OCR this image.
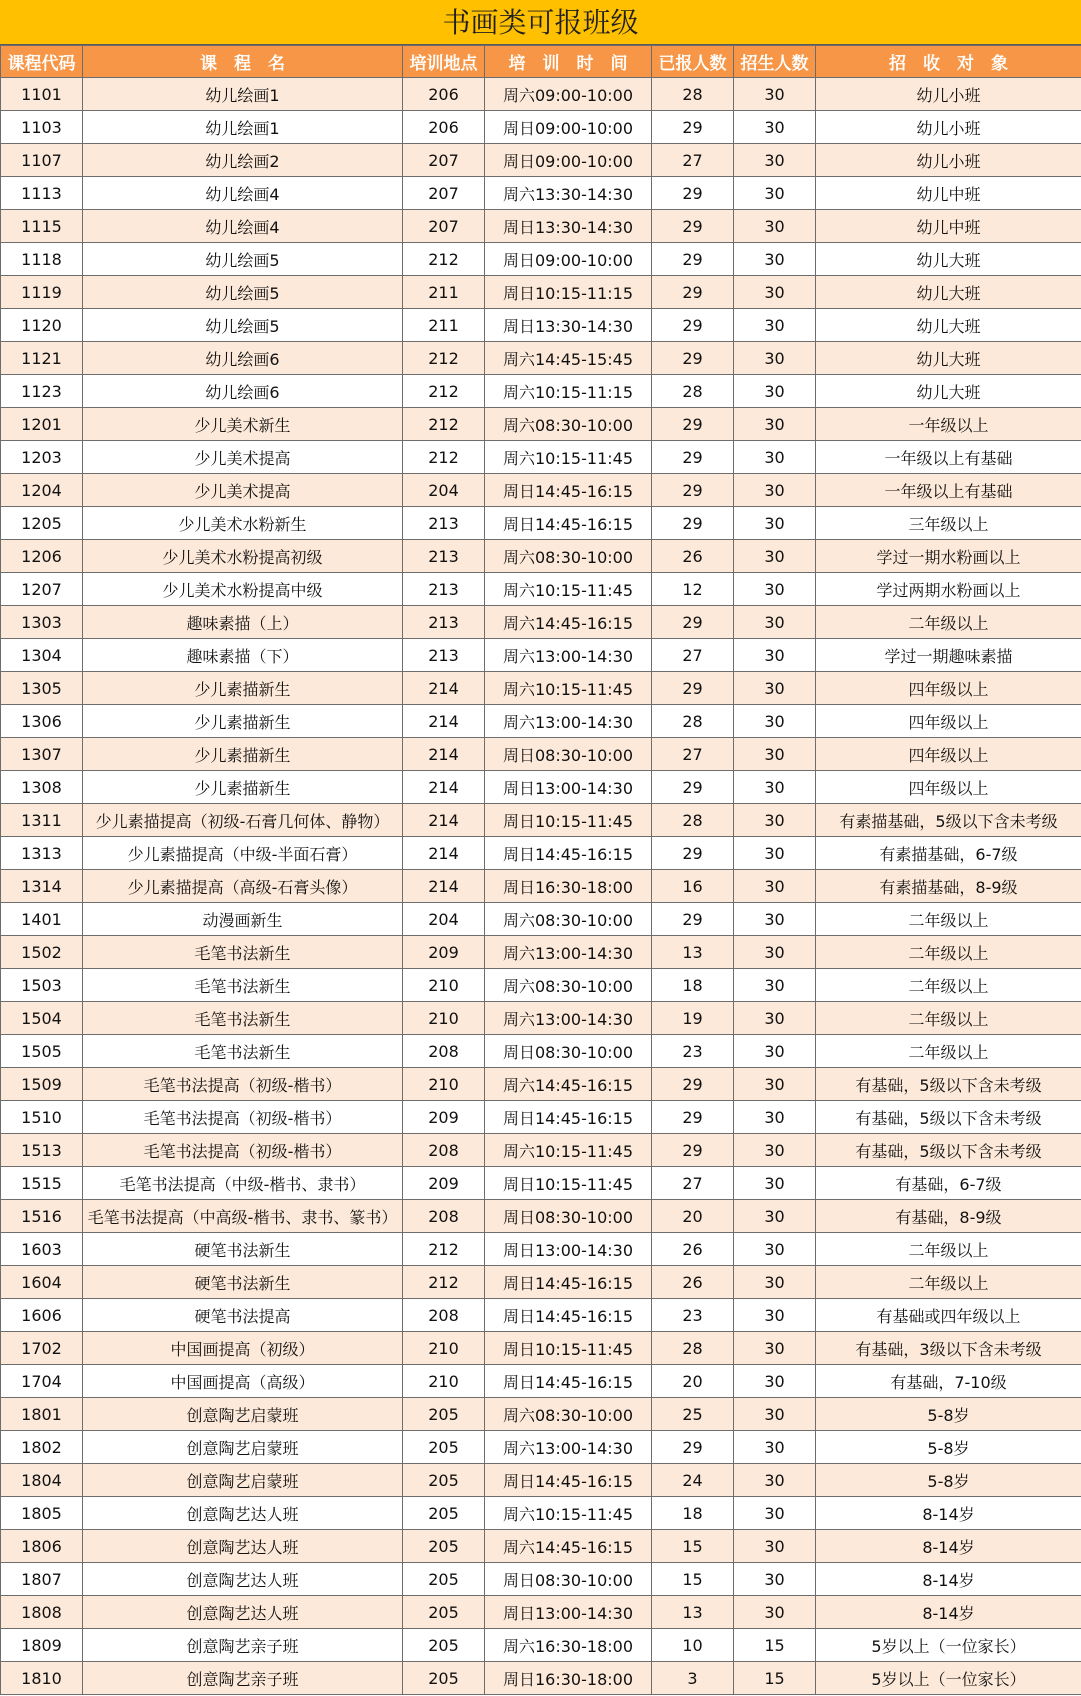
书画类可报班级
课程代码	课　程　名	培训地点	培　训　时　间	已报人数	招生人数	招　收　对　象
1101	幼儿绘画1	206	周六09:00-10:00	28	30	幼儿小班
1103	幼儿绘画1	206	周日09:00-10:00	29	30	幼儿小班
1107	幼儿绘画2	207	周日09:00-10:00	27	30	幼儿小班
1113	幼儿绘画4	207	周六13:30-14:30	29	30	幼儿中班
1115	幼儿绘画4	207	周日13:30-14:30	29	30	幼儿中班
1118	幼儿绘画5	212	周日09:00-10:00	29	30	幼儿大班
1119	幼儿绘画5	211	周日10:15-11:15	29	30	幼儿大班
1120	幼儿绘画5	211	周日13:30-14:30	29	30	幼儿大班
1121	幼儿绘画6	212	周六14:45-15:45	29	30	幼儿大班
1123	幼儿绘画6	212	周六10:15-11:15	28	30	幼儿大班
1201	少儿美术新生	212	周六08:30-10:00	29	30	一年级以上
1203	少儿美术提高	212	周六10:15-11:45	29	30	一年级以上有基础
1204	少儿美术提高	204	周日14:45-16:15	29	30	一年级以上有基础
1205	少儿美术水粉新生	213	周日14:45-16:15	29	30	三年级以上
1206	少儿美术水粉提高初级	213	周六08:30-10:00	26	30	学过一期水粉画以上
1207	少儿美术水粉提高中级	213	周六10:15-11:45	12	30	学过两期水粉画以上
1303	趣味素描（上）	213	周六14:45-16:15	29	30	二年级以上
1304	趣味素描（下）	213	周六13:00-14:30	27	30	学过一期趣味素描
1305	少儿素描新生	214	周六10:15-11:45	29	30	四年级以上
1306	少儿素描新生	214	周六13:00-14:30	28	30	四年级以上
1307	少儿素描新生	214	周日08:30-10:00	27	30	四年级以上
1308	少儿素描新生	214	周日13:00-14:30	29	30	四年级以上
1311	少儿素描提高（初级-石膏几何体、静物）	214	周日10:15-11:45	28	30	有素描基础，5级以下含未考级
1313	少儿素描提高（中级-半面石膏）	214	周日14:45-16:15	29	30	有素描基础，6-7级
1314	少儿素描提高（高级-石膏头像）	214	周日16:30-18:00	16	30	有素描基础，8-9级
1401	动漫画新生	204	周六08:30-10:00	29	30	二年级以上
1502	毛笔书法新生	209	周六13:00-14:30	13	30	二年级以上
1503	毛笔书法新生	210	周六08:30-10:00	18	30	二年级以上
1504	毛笔书法新生	210	周六13:00-14:30	19	30	二年级以上
1505	毛笔书法新生	208	周日08:30-10:00	23	30	二年级以上
1509	毛笔书法提高（初级-楷书）	210	周六14:45-16:15	29	30	有基础，5级以下含未考级
1510	毛笔书法提高（初级-楷书）	209	周日14:45-16:15	29	30	有基础，5级以下含未考级
1513	毛笔书法提高（初级-楷书）	208	周六10:15-11:45	29	30	有基础，5级以下含未考级
1515	毛笔书法提高（中级-楷书、隶书）	209	周日10:15-11:45	27	30	有基础，6-7级
1516	毛笔书法提高（中高级-楷书、隶书、篆书）	208	周日08:30-10:00	20	30	有基础，8-9级
1603	硬笔书法新生	212	周日13:00-14:30	26	30	二年级以上
1604	硬笔书法新生	212	周日14:45-16:15	26	30	二年级以上
1606	硬笔书法提高	208	周日14:45-16:15	23	30	有基础或四年级以上
1702	中国画提高（初级）	210	周日10:15-11:45	28	30	有基础，3级以下含未考级
1704	中国画提高（高级）	210	周日14:45-16:15	20	30	有基础，7-10级
1801	创意陶艺启蒙班	205	周六08:30-10:00	25	30	5-8岁
1802	创意陶艺启蒙班	205	周六13:00-14:30	29	30	5-8岁
1804	创意陶艺启蒙班	205	周日14:45-16:15	24	30	5-8岁
1805	创意陶艺达人班	205	周六10:15-11:45	18	30	8-14岁
1806	创意陶艺达人班	205	周六14:45-16:15	15	30	8-14岁
1807	创意陶艺达人班	205	周日08:30-10:00	15	30	8-14岁
1808	创意陶艺达人班	205	周日13:00-14:30	13	30	8-14岁
1809	创意陶艺亲子班	205	周六16:30-18:00	10	15	5岁以上（一位家长）
1810	创意陶艺亲子班	205	周日16:30-18:00	3	15	5岁以上（一位家长）
